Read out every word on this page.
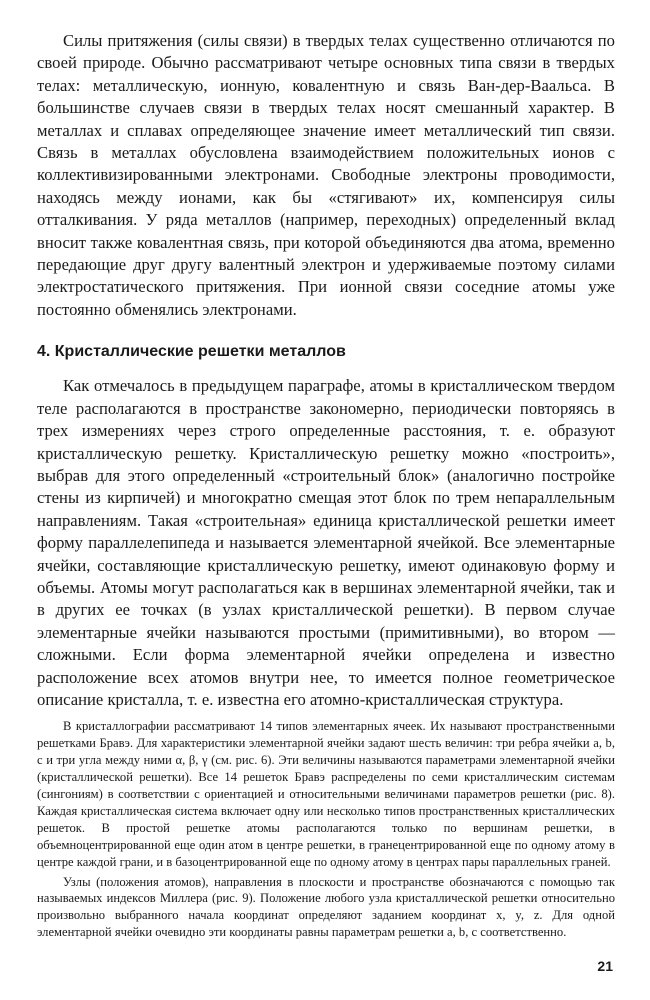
Силы притяжения (силы связи) в твердых телах существенно отличаются по своей природе. Обычно рассматривают четыре основных типа связи в твердых телах: металлическую, ионную, ковалентную и связь Ван-дер-Ваальса. В большинстве случаев связи в твердых телах носят смешанный характер. В металлах и сплавах определяющее значение имеет металлический тип связи. Связь в металлах обусловлена взаимодействием положительных ионов с коллективизированными электронами. Свободные электроны проводимости, находясь между ионами, как бы «стягивают» их, компенсируя силы отталкивания. У ряда металлов (например, переходных) определенный вклад вносит также ковалентная связь, при которой объединяются два атома, временно передающие друг другу валентный электрон и удерживаемые поэтому силами электростатического притяжения. При ионной связи соседние атомы уже постоянно обменялись электронами.

4. Кристаллические решетки металлов

Как отмечалось в предыдущем параграфе, атомы в кристаллическом твердом теле располагаются в пространстве закономерно, периодически повторяясь в трех измерениях через строго определенные расстояния, т. е. образуют кристаллическую решетку. Кристаллическую решетку можно «построить», выбрав для этого определенный «строительный блок» (аналогично постройке стены из кирпичей) и многократно смещая этот блок по трем непараллельным направлениям. Такая «строительная» единица кристаллической решетки имеет форму параллелепипеда и называется элементарной ячейкой. Все элементарные ячейки, составляющие кристаллическую решетку, имеют одинаковую форму и объемы. Атомы могут располагаться как в вершинах элементарной ячейки, так и в других ее точках (в узлах кристаллической решетки). В первом случае элементарные ячейки называются простыми (примитивными), во втором — сложными. Если форма элементарной ячейки определена и известно расположение всех атомов внутри нее, то имеется полное геометрическое описание кристалла, т. е. известна его атомно-кристаллическая структура.

В кристаллографии рассматривают 14 типов элементарных ячеек. Их называют пространственными решетками Бравэ. Для характеристики элементарной ячейки задают шесть величин: три ребра ячейки a, b, c и три угла между ними α, β, γ (см. рис. 6). Эти величины называются параметрами элементарной ячейки (кристаллической решетки). Все 14 решеток Бравэ распределены по семи кристаллическим системам (сингониям) в соответствии с ориентацией и относительными величинами параметров решетки (рис. 8). Каждая кристаллическая система включает одну или несколько типов пространственных кристаллических решеток. В простой решетке атомы располагаются только по вершинам решетки, в объемноцентрированной еще один атом в центре решетки, в гранецентрированной еще по одному атому в центре каждой грани, и в базоцентрированной еще по одному атому в центрах пары параллельных граней.

Узлы (положения атомов), направления в плоскости и пространстве обозначаются с помощью так называемых индексов Миллера (рис. 9). Положение любого узла кристаллической решетки относительно произвольно выбранного начала координат определяют заданием координат x, y, z. Для одной элементарной ячейки очевидно эти координаты равны параметрам решетки a, b, c соответственно.

21
